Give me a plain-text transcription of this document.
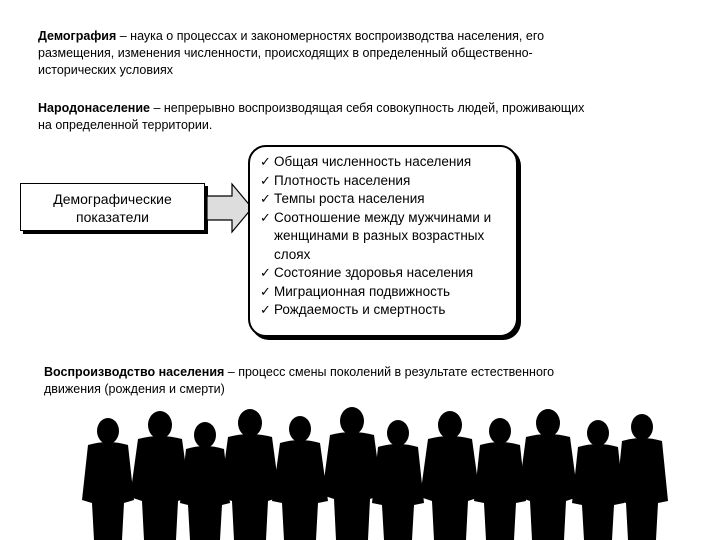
Демография – наука о процессах и закономерностях воспроизводства населения, его размещения, изменения численности, происходящих в определенный общественно-исторических условиях
Народонаселение – непрерывно воспроизводящая себя совокупность людей, проживающих на определенной территории.
Демографические
показатели
✓ Общая численность населения
✓ Плотность населения
✓ Темпы роста населения
✓ Соотношение между мужчинами и женщинами в разных возрастных слоях
✓ Состояние здоровья населения
✓ Миграционная подвижность
✓ Рождаемость и смертность
Воспроизводство населения – процесс смены поколений в результате естественного движения (рождения и смерти)
